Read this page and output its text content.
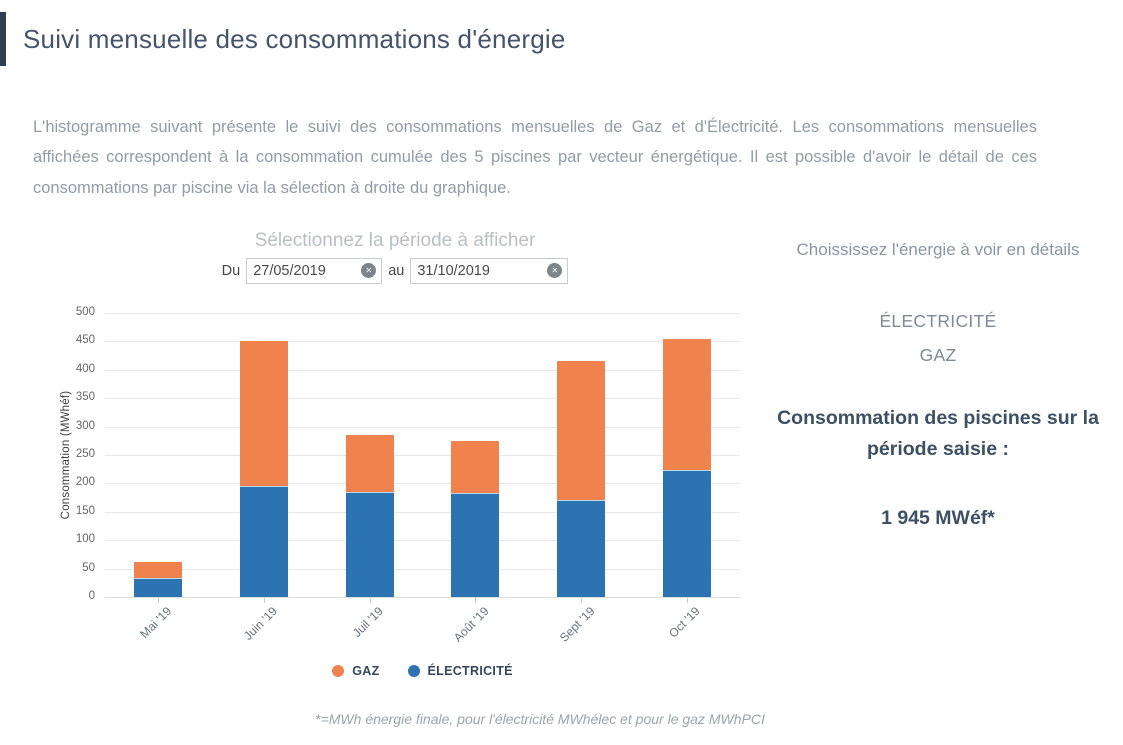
Suivi mensuelle des consommations d'énergie

L'histogramme suivant présente le suivi des consommations mensuelles de Gaz et d'Électricité. Les consommations mensuelles affichées correspondent à la consommation cumulée des 5 piscines par vecteur énergétique. Il est possible d'avoir le détail de ces consommations par piscine via la sélection à droite du graphique.

Sélectionnez la période à afficher
Du
27/05/2019	✕ au
31/10/2019	✕
Consommation (MWhéf)
0
50
100
150
200
250
300
350
400
450
500
Mai '19	Juin '19	Juil '19	Août '19	Sept '19	Oct '19
GAZ	ÉLECTRICITÉ
Choississez l'énergie à voir en détails
ÉLECTRICITÉ
GAZ
Consommation des piscines sur la période saisie :
1 945 MWéf*
*=MWh énergie finale, pour l'électricité MWhélec et pour le gaz MWhPCI
